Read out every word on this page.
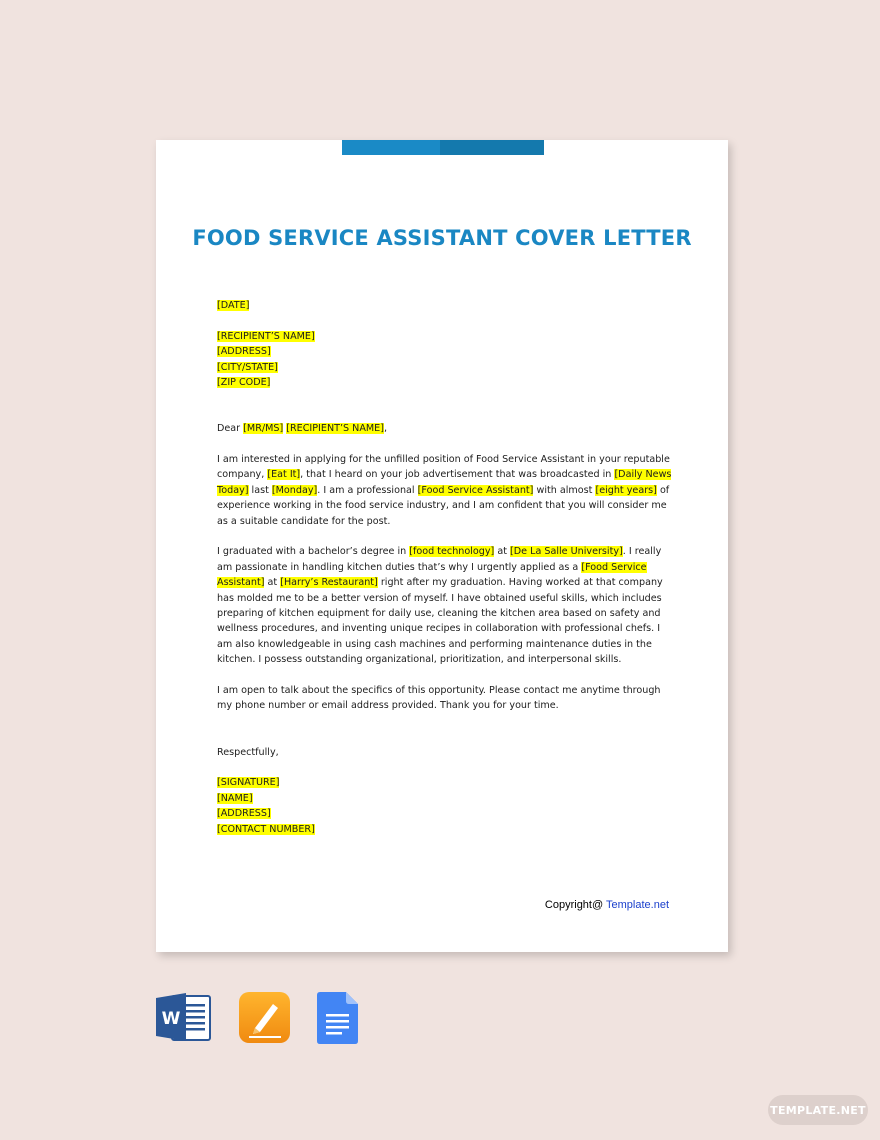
FOOD SERVICE ASSISTANT COVER LETTER

[DATE]

[RECIPIENT’S NAME]

[ADDRESS]

[CITY/STATE]

[ZIP CODE]

Dear [MR/MS] [RECIPIENT’S NAME],

I am interested in applying for the unfilled position of Food Service Assistant in your reputable company, [Eat It], that I heard on your job advertisement that was broadcasted in [Daily News Today] last [Monday]. I am a professional [Food Service Assistant] with almost [eight years] of experience working in the food service industry, and I am confident that you will consider me as a suitable candidate for the post.

I graduated with a bachelor’s degree in [food technology] at [De La Salle University]. I really am passionate in handling kitchen duties that’s why I urgently applied as a [Food Service Assistant] at [Harry’s Restaurant] right after my graduation. Having worked at that company has molded me to be a better version of myself. I have obtained useful skills, which includes preparing of kitchen equipment for daily use, cleaning the kitchen area based on safety and wellness procedures, and inventing unique recipes in collaboration with professional chefs. I am also knowledgeable in using cash machines and performing maintenance duties in the kitchen. I possess outstanding organizational, prioritization, and interpersonal skills.

I am open to talk about the specifics of this opportunity. Please contact me anytime through my phone number or email address provided. Thank you for your time.

Respectfully,

[SIGNATURE]

[NAME]

[ADDRESS]

[CONTACT NUMBER]

Copyright@ Template.net
W
TEMPLATE.NET
